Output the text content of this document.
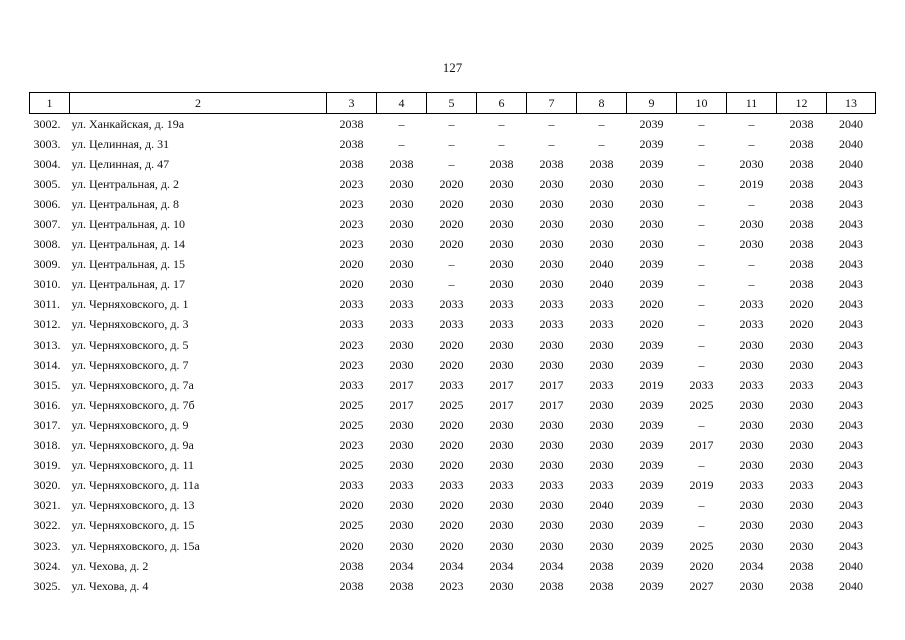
127
1	2	3	4	5	6	7	8	9	10	11	12	13
3002.	ул. Ханкайская, д. 19а	2038	–	–	–	–	–	2039	–	–	2038	2040
3003.	ул. Целинная, д. 31	2038	–	–	–	–	–	2039	–	–	2038	2040
3004.	ул. Целинная, д. 47	2038	2038	–	2038	2038	2038	2039	–	2030	2038	2040
3005.	ул. Центральная, д. 2	2023	2030	2020	2030	2030	2030	2030	–	2019	2038	2043
3006.	ул. Центральная, д. 8	2023	2030	2020	2030	2030	2030	2030	–	–	2038	2043
3007.	ул. Центральная, д. 10	2023	2030	2020	2030	2030	2030	2030	–	2030	2038	2043
3008.	ул. Центральная, д. 14	2023	2030	2020	2030	2030	2030	2030	–	2030	2038	2043
3009.	ул. Центральная, д. 15	2020	2030	–	2030	2030	2040	2039	–	–	2038	2043
3010.	ул. Центральная, д. 17	2020	2030	–	2030	2030	2040	2039	–	–	2038	2043
3011.	ул. Черняховского, д. 1	2033	2033	2033	2033	2033	2033	2020	–	2033	2020	2043
3012.	ул. Черняховского, д. 3	2033	2033	2033	2033	2033	2033	2020	–	2033	2020	2043
3013.	ул. Черняховского, д. 5	2023	2030	2020	2030	2030	2030	2039	–	2030	2030	2043
3014.	ул. Черняховского, д. 7	2023	2030	2020	2030	2030	2030	2039	–	2030	2030	2043
3015.	ул. Черняховского, д. 7а	2033	2017	2033	2017	2017	2033	2019	2033	2033	2033	2043
3016.	ул. Черняховского, д. 7б	2025	2017	2025	2017	2017	2030	2039	2025	2030	2030	2043
3017.	ул. Черняховского, д. 9	2025	2030	2020	2030	2030	2030	2039	–	2030	2030	2043
3018.	ул. Черняховского, д. 9а	2023	2030	2020	2030	2030	2030	2039	2017	2030	2030	2043
3019.	ул. Черняховского, д. 11	2025	2030	2020	2030	2030	2030	2039	–	2030	2030	2043
3020.	ул. Черняховского, д. 11а	2033	2033	2033	2033	2033	2033	2039	2019	2033	2033	2043
3021.	ул. Черняховского, д. 13	2020	2030	2020	2030	2030	2040	2039	–	2030	2030	2043
3022.	ул. Черняховского, д. 15	2025	2030	2020	2030	2030	2030	2039	–	2030	2030	2043
3023.	ул. Черняховского, д. 15а	2020	2030	2020	2030	2030	2030	2039	2025	2030	2030	2043
3024.	ул. Чехова, д. 2	2038	2034	2034	2034	2034	2038	2039	2020	2034	2038	2040
3025.	ул. Чехова, д. 4	2038	2038	2023	2030	2038	2038	2039	2027	2030	2038	2040
